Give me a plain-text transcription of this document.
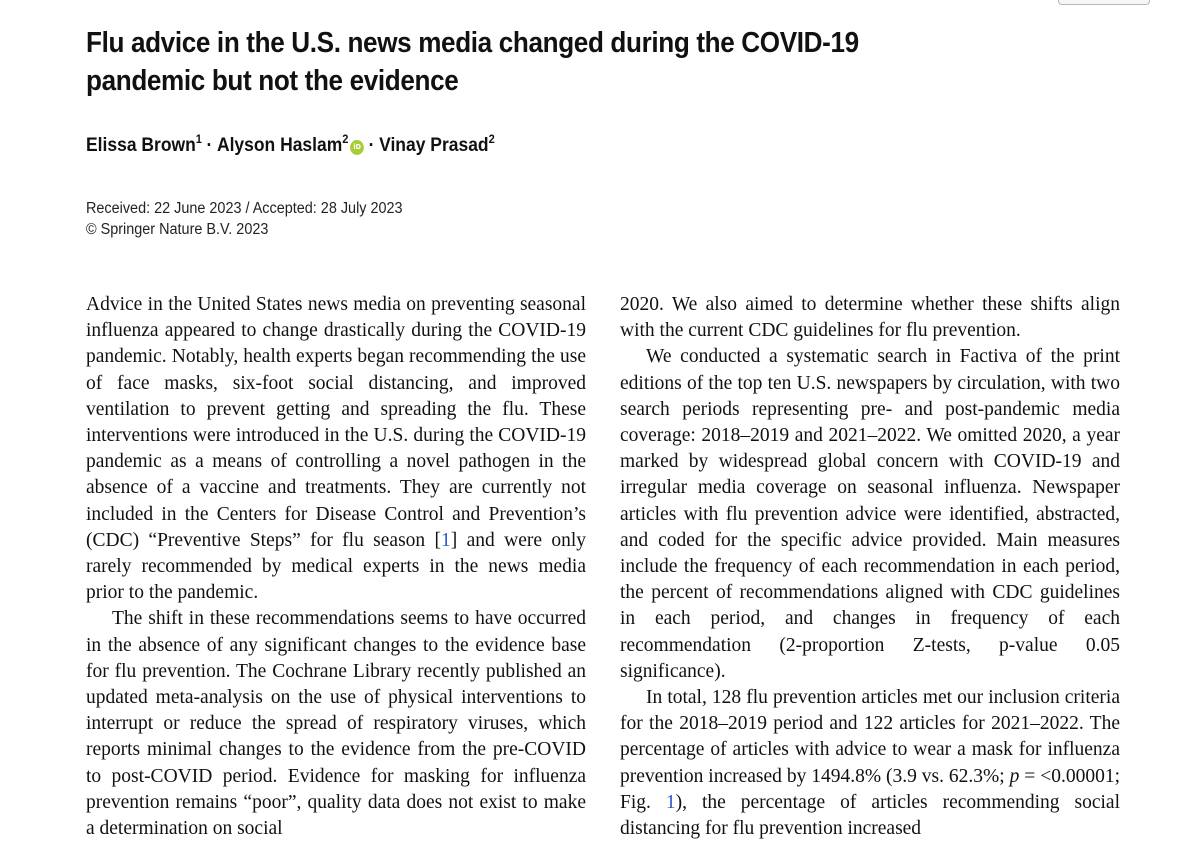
Flu advice in the U.S. news media changed during the COVID-19 pandemic but not the evidence
Elissa Brown$^1$ · Alyson Haslam$^2$iD · Vinay Prasad$^2$
Received: 22 June 2023 / Accepted: 28 July 2023
© Springer Nature B.V. 2023

Advice in the United States news media on preventing seasonal influenza appeared to change drastically during the COVID-19 pandemic. Notably, health experts began recommending the use of face masks, six-foot social distancing, and improved ventilation to prevent getting and spreading the flu. These interventions were introduced in the U.S. during the COVID-19 pandemic as a means of controlling a novel pathogen in the absence of a vaccine and treatments. They are currently not included in the Centers for Disease Control and Prevention’s (CDC) “Preventive Steps” for flu season [1] and were only rarely recommended by medical experts in the news media prior to the pandemic.

The shift in these recommendations seems to have occurred in the absence of any significant changes to the evidence base for flu prevention. The Cochrane Library recently published an updated meta-analysis on the use of physical interventions to interrupt or reduce the spread of respiratory viruses, which reports minimal changes to the evidence from the pre-COVID to post-COVID period. Evidence for masking for influenza prevention remains “poor”, quality data does not exist to make a determination on social

2020. We also aimed to determine whether these shifts align with the current CDC guidelines for flu prevention.

We conducted a systematic search in Factiva of the print editions of the top ten U.S. newspapers by circulation, with two search periods representing pre- and post-pandemic media coverage: 2018–2019 and 2021–2022. We omitted 2020, a year marked by widespread global concern with COVID-19 and irregular media coverage on seasonal influenza. Newspaper articles with flu prevention advice were identified, abstracted, and coded for the specific advice provided. Main measures include the frequency of each recommendation in each period, the percent of recommendations aligned with CDC guidelines in each period, and changes in frequency of each recommendation (2-proportion Z-tests, p-value 0.05 significance).

In total, 128 flu prevention articles met our inclusion criteria for the 2018–2019 period and 122 articles for 2021–2022. The percentage of articles with advice to wear a mask for influenza prevention increased by 1494.8% (3.9 vs. 62.3%; p = <0.00001; Fig. 1), the percentage of articles recommending social distancing for flu prevention increased
